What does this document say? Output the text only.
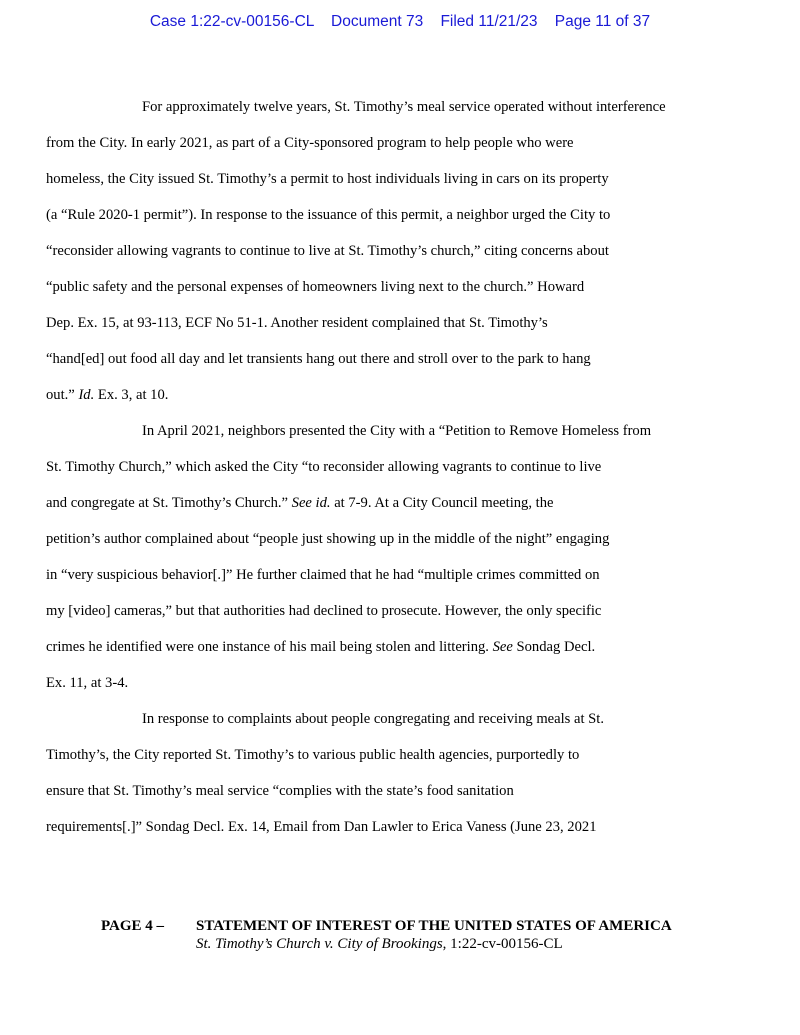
Case 1:22-cv-00156-CL    Document 73    Filed 11/21/23    Page 11 of 37

For approximately twelve years, St. Timothy’s meal service operated without interference
from the City. In early 2021, as part of a City-sponsored program to help people who were
homeless, the City issued St. Timothy’s a permit to host individuals living in cars on its property
(a “Rule 2020-1 permit”). In response to the issuance of this permit, a neighbor urged the City to
“reconsider allowing vagrants to continue to live at St. Timothy’s church,” citing concerns about
“public safety and the personal expenses of homeowners living next to the church.” Howard
Dep. Ex. 15, at 93-113, ECF No 51-1. Another resident complained that St. Timothy’s
“hand[ed] out food all day and let transients hang out there and stroll over to the park to hang
out.” Id. Ex. 3, at 10.

In April 2021, neighbors presented the City with a “Petition to Remove Homeless from
St. Timothy Church,” which asked the City “to reconsider allowing vagrants to continue to live
and congregate at St. Timothy’s Church.” See id. at 7-9. At a City Council meeting, the
petition’s author complained about “people just showing up in the middle of the night” engaging
in “very suspicious behavior[.]” He further claimed that he had “multiple crimes committed on
my [video] cameras,” but that authorities had declined to prosecute. However, the only specific
crimes he identified were one instance of his mail being stolen and littering. See Sondag Decl.
Ex. 11, at 3-4.

In response to complaints about people congregating and receiving meals at St.
Timothy’s, the City reported St. Timothy’s to various public health agencies, purportedly to
ensure that St. Timothy’s meal service “complies with the state’s food sanitation
requirements[.]” Sondag Decl. Ex. 14, Email from Dan Lawler to Erica Vaness (June 23, 2021

PAGE 4 – STATEMENT OF INTEREST OF THE UNITED STATES OF AMERICA
St. Timothy’s Church v. City of Brookings, 1:22-cv-00156-CL
